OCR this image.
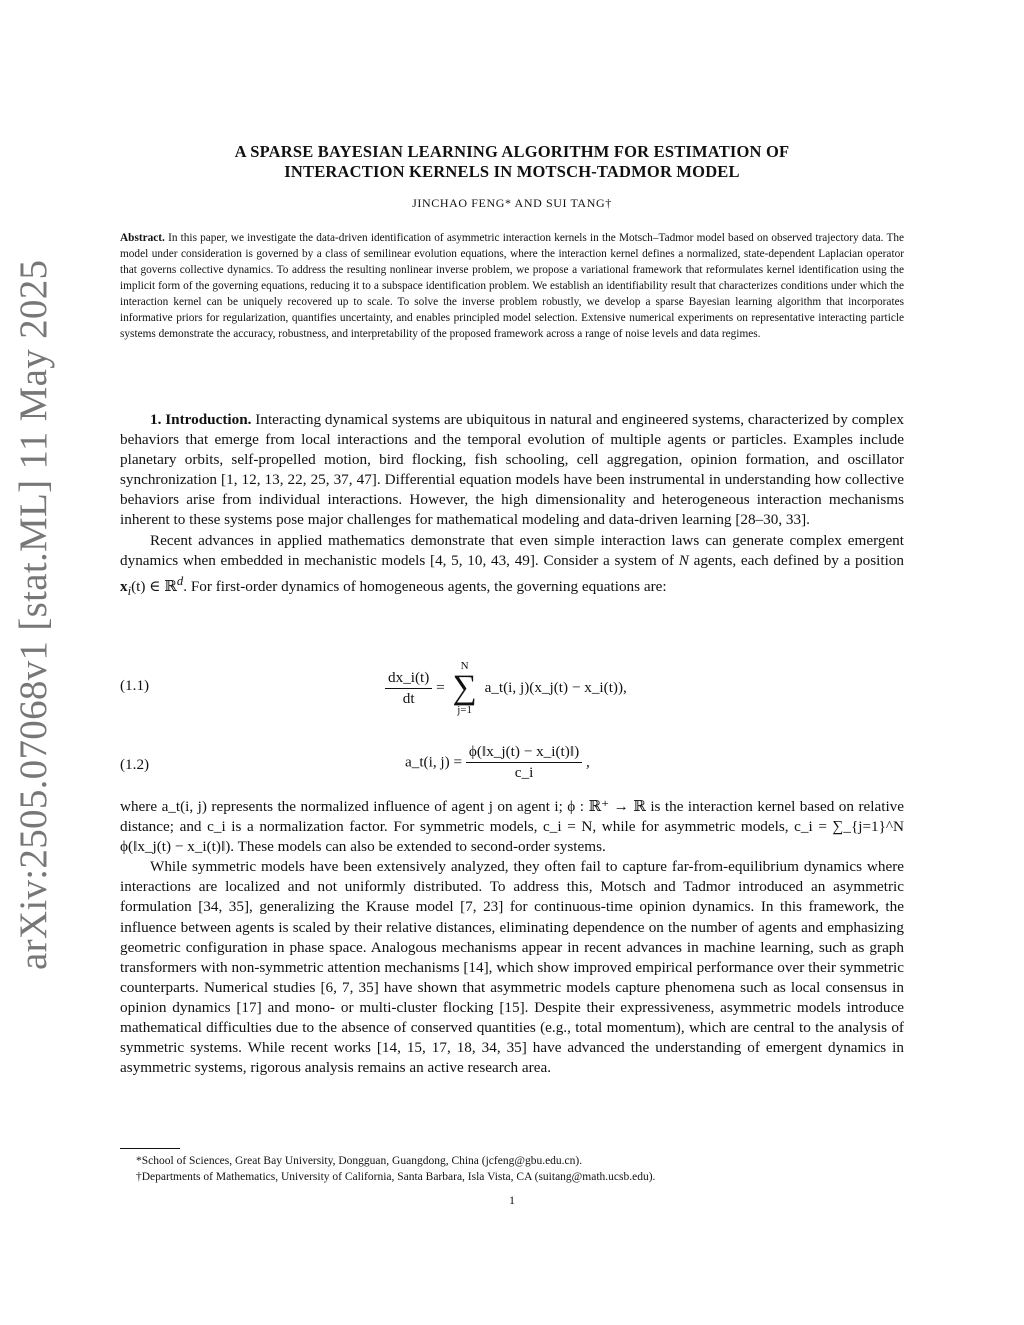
arXiv:2505.07068v1 [stat.ML] 11 May 2025
A SPARSE BAYESIAN LEARNING ALGORITHM FOR ESTIMATION OF
INTERACTION KERNELS IN MOTSCH-TADMOR MODEL
JINCHAO FENG* AND SUI TANG†
Abstract. In this paper, we investigate the data-driven identification of asymmetric interaction kernels in the Motsch–Tadmor model based on observed trajectory data. The model under consideration is governed by a class of semilinear evolution equations, where the interaction kernel defines a normalized, state-dependent Laplacian operator that governs collective dynamics. To address the resulting nonlinear inverse problem, we propose a variational framework that reformulates kernel identification using the implicit form of the governing equations, reducing it to a subspace identification problem. We establish an identifiability result that characterizes conditions under which the interaction kernel can be uniquely recovered up to scale. To solve the inverse problem robustly, we develop a sparse Bayesian learning algorithm that incorporates informative priors for regularization, quantifies uncertainty, and enables principled model selection. Extensive numerical experiments on representative interacting particle systems demonstrate the accuracy, robustness, and interpretability of the proposed framework across a range of noise levels and data regimes.

1. Introduction. Interacting dynamical systems are ubiquitous in natural and engineered systems, characterized by complex behaviors that emerge from local interactions and the temporal evolution of multiple agents or particles. Examples include planetary orbits, self-propelled motion, bird flocking, fish schooling, cell aggregation, opinion formation, and oscillator synchronization [1, 12, 13, 22, 25, 37, 47]. Differential equation models have been instrumental in understanding how collective behaviors arise from individual interactions. However, the high dimensionality and heterogeneous interaction mechanisms inherent to these systems pose major challenges for mathematical modeling and data-driven learning [28–30, 33].

Recent advances in applied mathematics demonstrate that even simple interaction laws can generate complex emergent dynamics when embedded in mechanistic models [4, 5, 10, 43, 49]. Consider a system of N agents, each defined by a position $x_i(t)$ ∈ ℝ$^d$. For first-order dynamics of homogeneous agents, the governing equations are:

(1.1)	$\frac{dx\_i(t)}{dt}$ =
N
∑
j=1
a_t(i, j)(x_j(t) − x_i(t)),
(1.2)	a_t(i, $j) = \frac{\phi(‖x\_j(t) - x\_i(t)‖)}{c\_i}$ ,

where a_t(i, j) represents the normalized influence of agent j on agent i; ϕ : ℝ⁺ → ℝ is the interaction kernel based on relative distance; and c_i is a normalization factor. For symmetric models, c_i = N, while for asymmetric models, c_i = ∑_{j=1}^N ϕ(‖x_j(t) − x_i(t)‖). These models can also be extended to second-order systems.

While symmetric models have been extensively analyzed, they often fail to capture far-from-equilibrium dynamics where interactions are localized and not uniformly distributed. To address this, Motsch and Tadmor introduced an asymmetric formulation [34, 35], generalizing the Krause model [7, 23] for continuous-time opinion dynamics. In this framework, the influence between agents is scaled by their relative distances, eliminating dependence on the number of agents and emphasizing geometric configuration in phase space. Analogous mechanisms appear in recent advances in machine learning, such as graph transformers with non-symmetric attention mechanisms [14], which show improved empirical performance over their symmetric counterparts. Numerical studies [6, 7, 35] have shown that asymmetric models capture phenomena such as local consensus in opinion dynamics [17] and mono- or multi-cluster flocking [15]. Despite their expressiveness, asymmetric models introduce mathematical difficulties due to the absence of conserved quantities (e.g., total momentum), which are central to the analysis of symmetric systems. While recent works [14, 15, 17, 18, 34, 35] have advanced the understanding of emergent dynamics in asymmetric systems, rigorous analysis remains an active research area.

*School of Sciences, Great Bay University, Dongguan, Guangdong, China (jcfeng@gbu.edu.cn).
†Departments of Mathematics, University of California, Santa Barbara, Isla Vista, CA (suitang@math.ucsb.edu).
1
